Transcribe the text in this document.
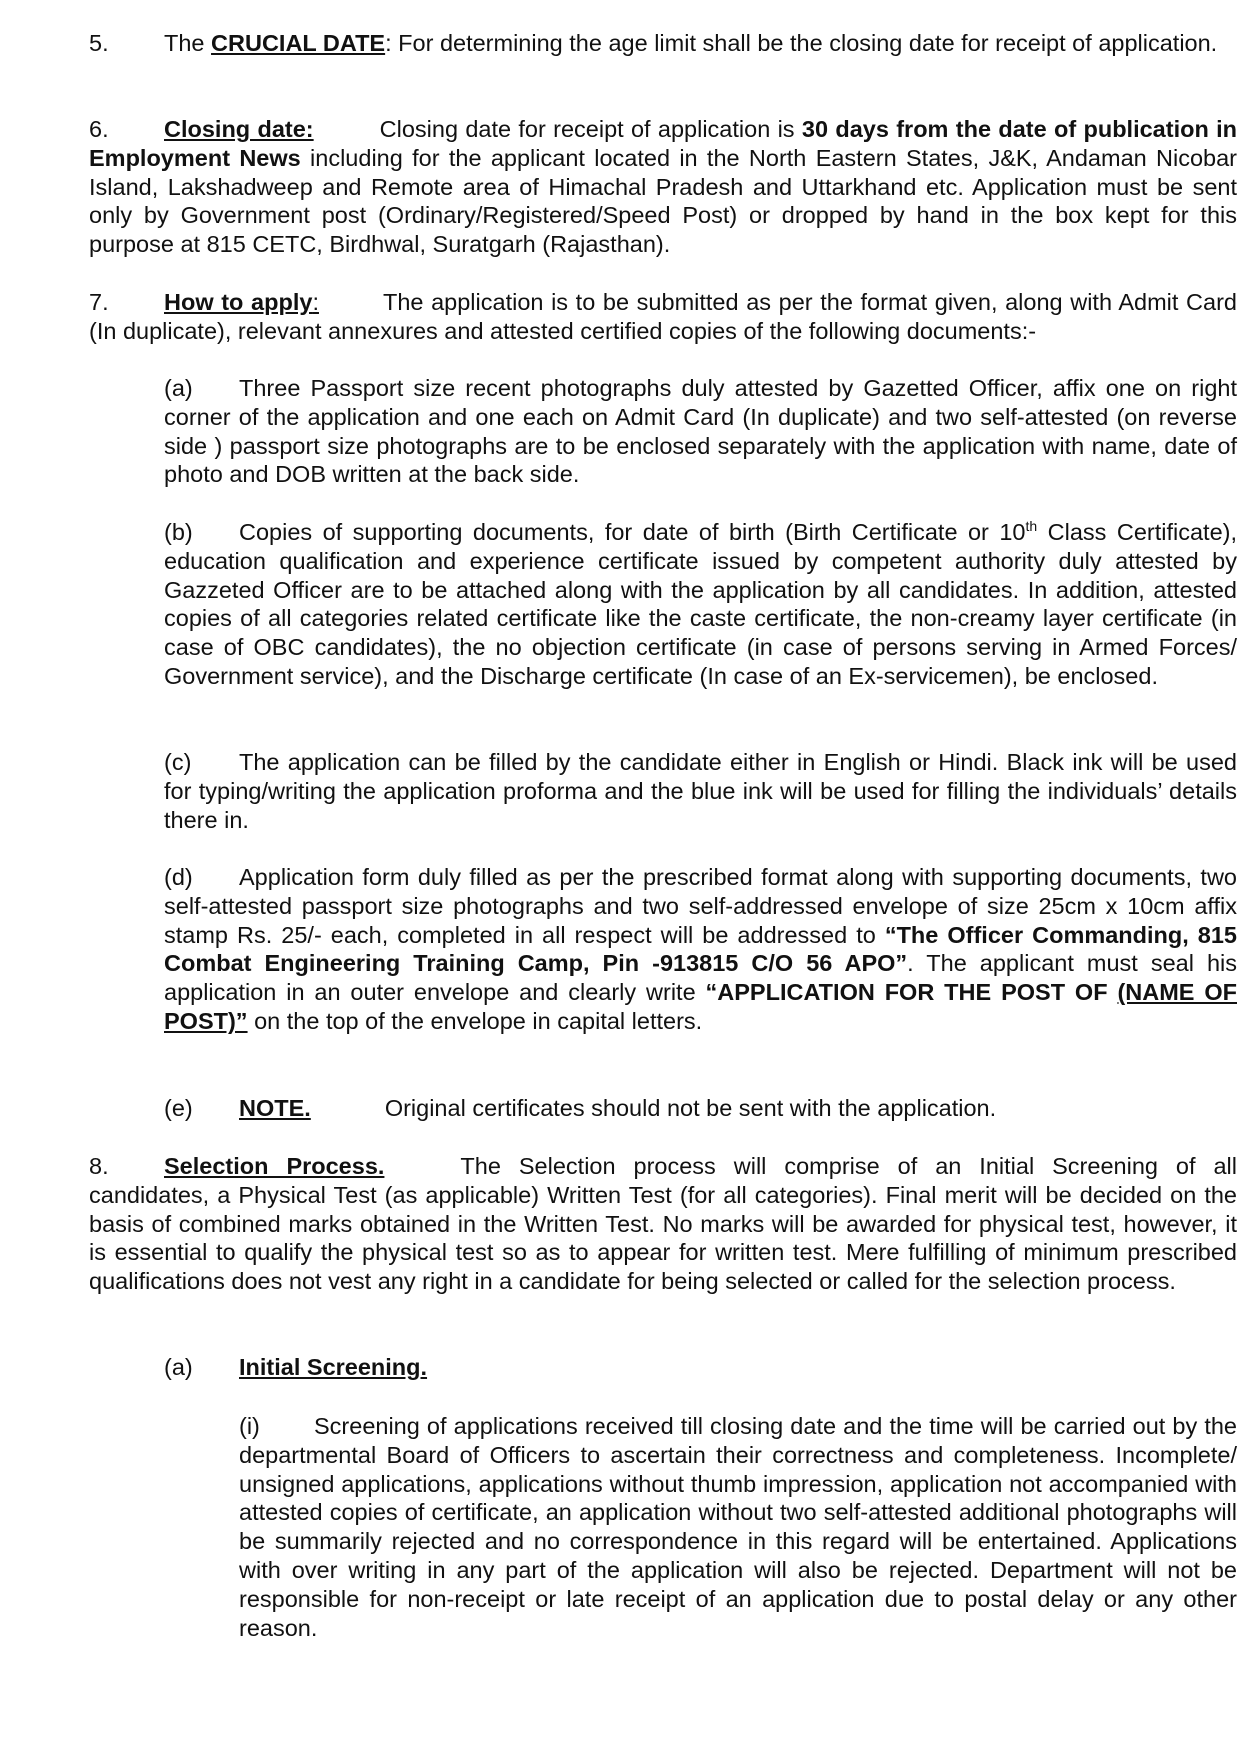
5. The CRUCIAL DATE: For determining the age limit shall be the closing date for receipt of application.

6. Closing date:	Closing date for receipt of application is 30 days from the date of publication in Employment News including for the applicant located in the North Eastern States, J&K, Andaman Nicobar Island, Lakshadweep and Remote area of Himachal Pradesh and Uttarkhand etc. Application must be sent only by Government post (Ordinary/Registered/Speed Post) or dropped by hand in the box kept for this purpose at 815 CETC, Birdhwal, Suratgarh (Rajasthan).

7. How to apply:	The application is to be submitted as per the format given, along with Admit Card (In duplicate), relevant annexures and attested certified copies of the following documents:-

(a) Three Passport size recent photographs duly attested by Gazetted Officer, affix one on right corner of the application and one each on Admit Card (In duplicate) and two self-attested (on reverse side ) passport size photographs are to be enclosed separately with the application with name, date of photo and DOB written at the back side.

(b) Copies of supporting documents, for date of birth (Birth Certificate or 10th Class Certificate), education qualification and experience certificate issued by competent authority duly attested by Gazzeted Officer are to be attached along with the application by all candidates. In addition, attested copies of all categories related certificate like the caste certificate, the non-creamy layer certificate (in case of OBC candidates), the no objection certificate (in case of persons serving in Armed Forces/ Government service), and the Discharge certificate (In case of an Ex-servicemen), be enclosed.

(c) The application can be filled by the candidate either in English or Hindi. Black ink will be used for typing/writing the application proforma and the blue ink will be used for filling the individuals’ details there in.

(d) Application form duly filled as per the prescribed format along with supporting documents, two self-attested passport size photographs and two self-addressed envelope of size 25cm x 10cm affix stamp Rs. 25/- each, completed in all respect will be addressed to “The Officer Commanding, 815 Combat Engineering Training Camp, Pin -913815 C/O 56 APO”. The applicant must seal his application in an outer envelope and clearly write “APPLICATION FOR THE POST OF (NAME OF POST)” on the top of the envelope in capital letters.

(e) NOTE.	Original certificates should not be sent with the application.

8. Selection Process.	The Selection process will comprise of an Initial Screening of all candidates, a Physical Test (as applicable) Written Test (for all categories). Final merit will be decided on the basis of combined marks obtained in the Written Test. No marks will be awarded for physical test, however, it is essential to qualify the physical test so as to appear for written test. Mere fulfilling of minimum prescribed qualifications does not vest any right in a candidate for being selected or called for the selection process.

(a) Initial Screening.

(i) Screening of applications received till closing date and the time will be carried out by the departmental Board of Officers to ascertain their correctness and completeness. Incomplete/ unsigned applications, applications without thumb impression, application not accompanied with attested copies of certificate, an application without two self-attested additional photographs will be summarily rejected and no correspondence in this regard will be entertained. Applications with over writing in any part of the application will also be rejected. Department will not be responsible for non-receipt or late receipt of an application due to postal delay or any other reason.
